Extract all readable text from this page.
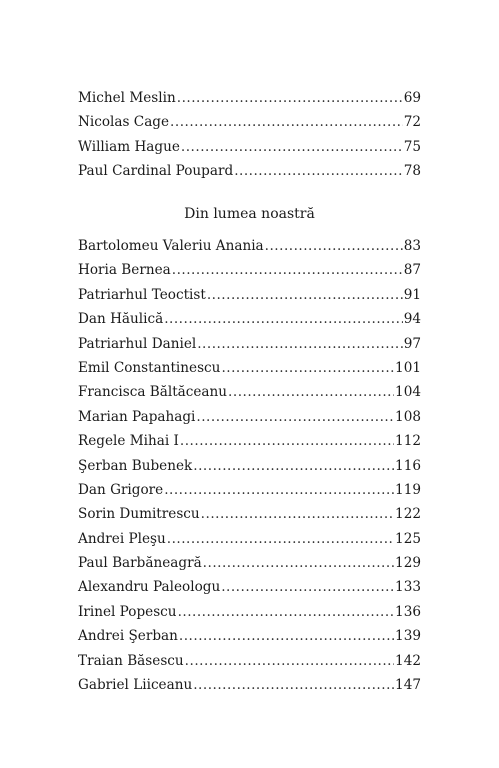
Michel Meslin .....	69
Nicolas Cage .....	72
William Hague .....	75
Paul Cardinal Poupard .....	78
Din lumea noastră
Bartolomeu Valeriu Anania .....	83
Horia Bernea .....	87
Patriarhul Teoctist .....	91
Dan Hăulică .....	94
Patriarhul Daniel .....	97
Emil Constantinescu .....	101
Francisca Băltăceanu .....	104
Marian Papahagi .....	108
Regele Mihai I .....	112
Şerban Bubenek .....	116
Dan Grigore .....	119
Sorin Dumitrescu .....	122
Andrei Pleşu .....	125
Paul Barbăneagră .....	129
Alexandru Paleologu .....	133
Irinel Popescu .....	136
Andrei Şerban .....	139
Traian Băsescu .....	142
Gabriel Liiceanu .....	147
